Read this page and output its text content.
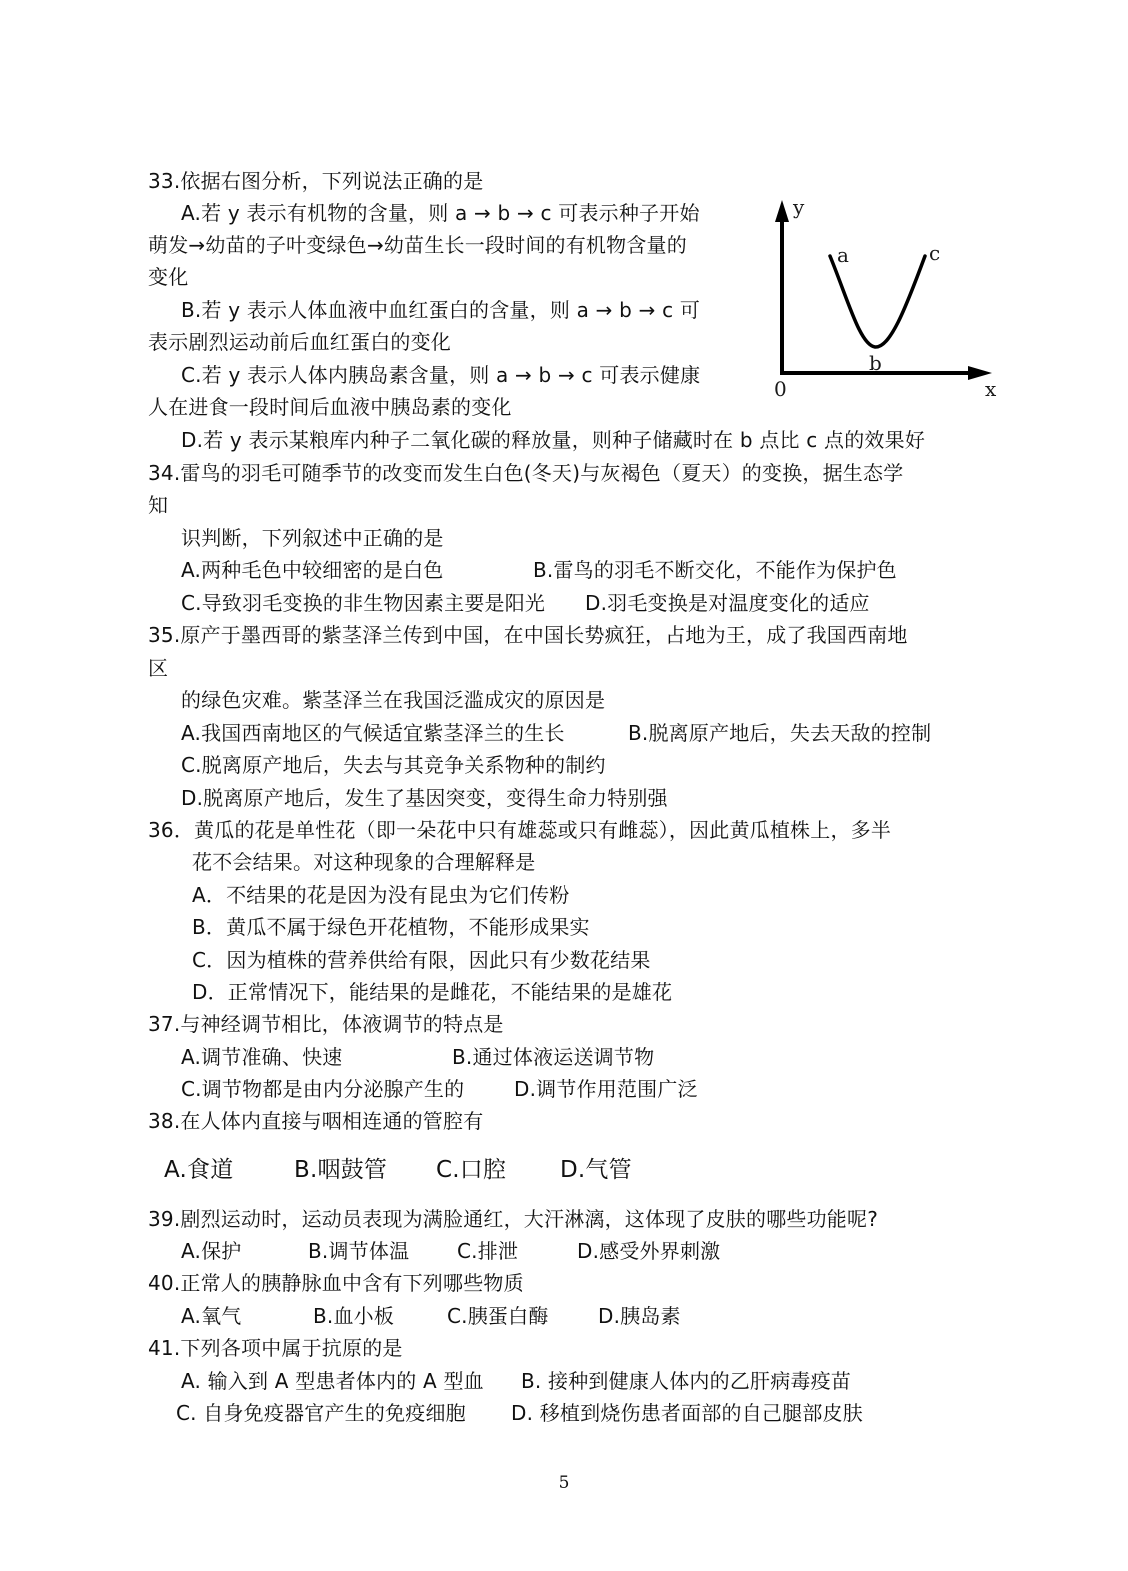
33.依据右图分析，下列说法正确的是
A.若 y 表示有机物的含量，则 a → b → c 可表示种子开始
萌发→幼苗的子叶变绿色→幼苗生长一段时间的有机物含量的
变化
B.若 y 表示人体血液中血红蛋白的含量，则 a → b → c 可
表示剧烈运动前后血红蛋白的变化
C.若 y 表示人体内胰岛素含量，则 a → b → c 可表示健康
人在进食一段时间后血液中胰岛素的变化
D.若 y 表示某粮库内种子二氧化碳的释放量，则种子储藏时在 b 点比 c 点的效果好
y
x
0
a
b
c
34.雷鸟的羽毛可随季节的改变而发生白色(冬天)与灰褐色（夏天）的变换，据生态学
知
识判断，下列叙述中正确的是
A.两种毛色中较细密的是白色	B.雷鸟的羽毛不断交化，不能作为保护色
C.导致羽毛变换的非生物因素主要是阳光 D.羽毛变换是对温度变化的适应
35.原产于墨西哥的紫茎泽兰传到中国，在中国长势疯狂，占地为王，成了我国西南地
区
的绿色灾难。紫茎泽兰在我国泛滥成灾的原因是
A.我国西南地区的气候适宜紫茎泽兰的生长	B.脱离原产地后，失去天敌的控制
C.脱离原产地后，失去与其竞争关系物种的制约
D.脱离原产地后，发生了基因突变，变得生命力特别强
36．黄瓜的花是单性花（即一朵花中只有雄蕊或只有雌蕊），因此黄瓜植株上，多半
花不会结果。对这种现象的合理解释是
A．不结果的花是因为没有昆虫为它们传粉
B．黄瓜不属于绿色开花植物，不能形成果实
C．因为植株的营养供给有限，因此只有少数花结果
D．正常情况下，能结果的是雌花，不能结果的是雄花
37.与神经调节相比，体液调节的特点是
A.调节准确、快速	B.通过体液运送调节物
C.调节物都是由内分泌腺产生的 D.调节作用范围广泛
38.在人体内直接与咽相连通的管腔有
A.食道	B.咽鼓管 C.口腔 D.气管
39.剧烈运动时，运动员表现为满脸通红，大汗淋漓，这体现了皮肤的哪些功能呢?
A.保护	B.调节体温 C.排泄	D.感受外界刺激
40.正常人的胰静脉血中含有下列哪些物质
A.氧气	B.血小板	C.胰蛋白酶 D.胰岛素
41.下列各项中属于抗原的是
A. 输入到 A 型患者体内的 A 型血 B. 接种到健康人体内的乙肝病毒疫苗
C. 自身免疫器官产生的免疫细胞 D. 移植到烧伤患者面部的自己腿部皮肤
5
